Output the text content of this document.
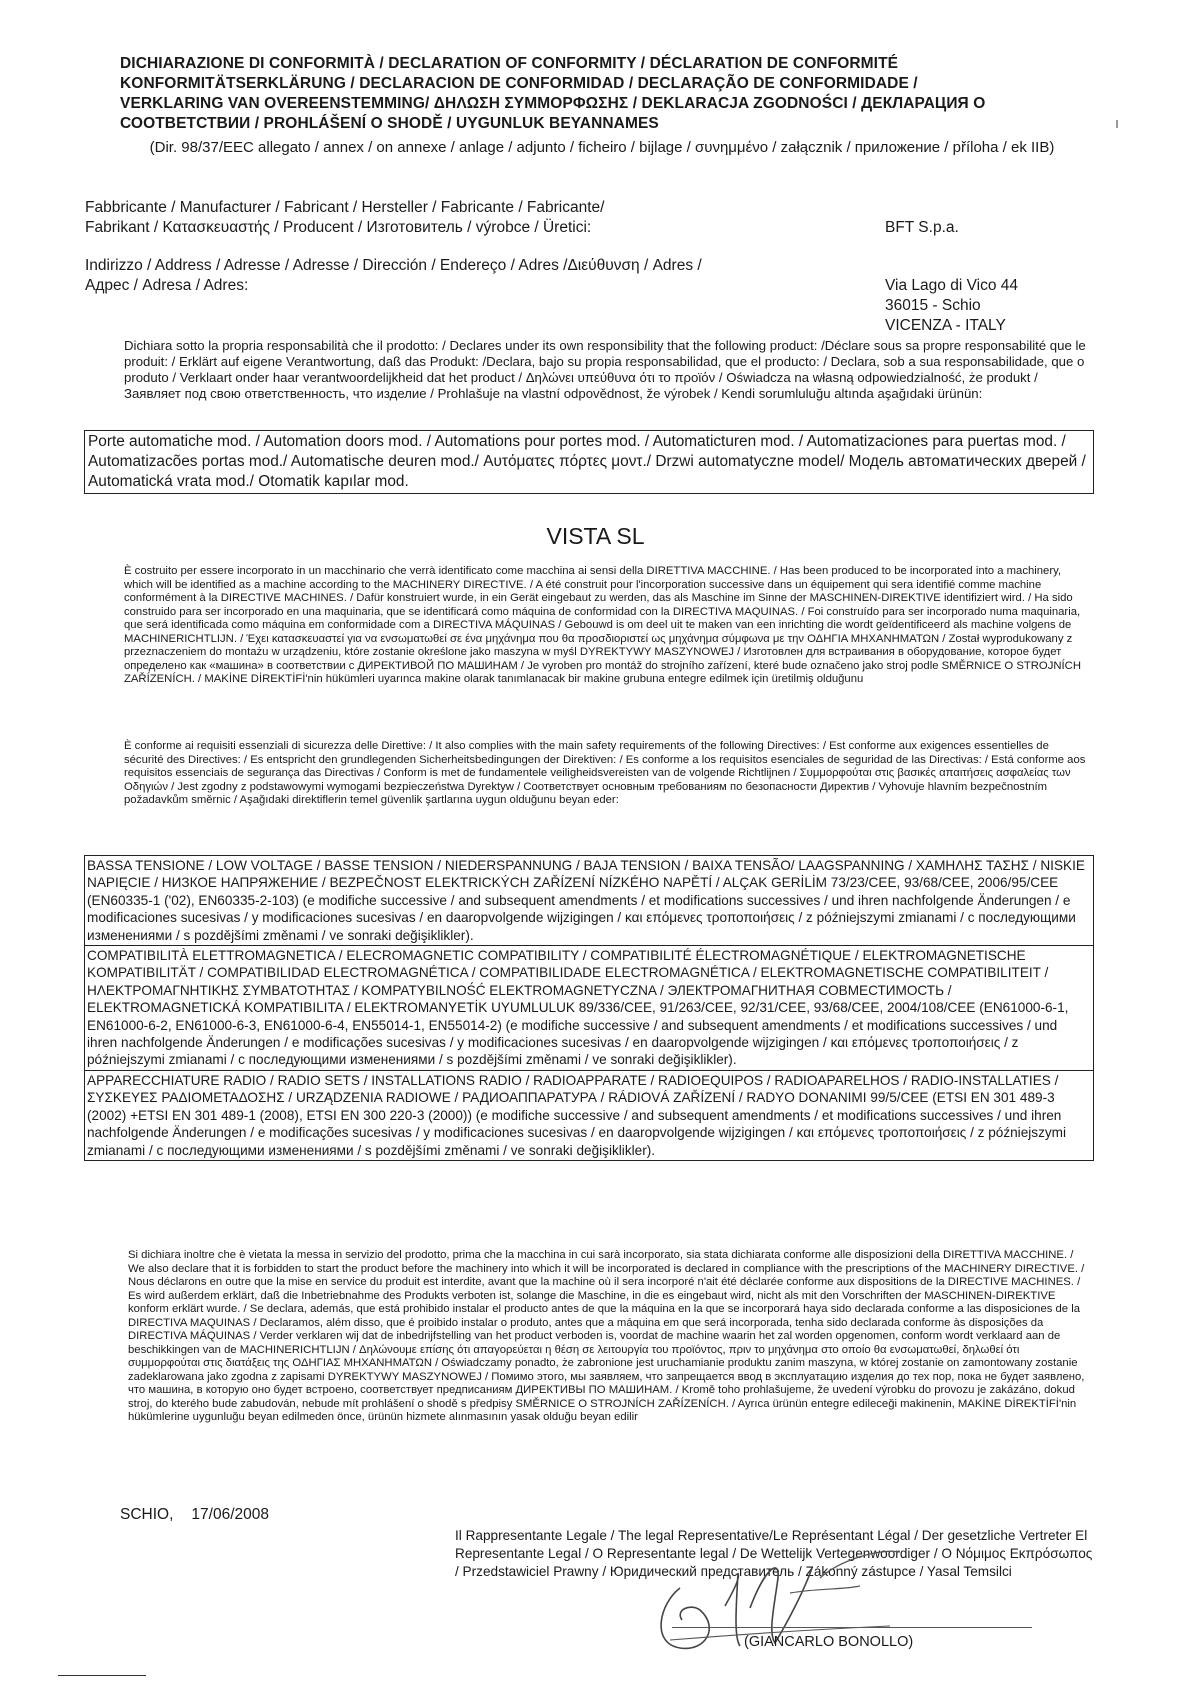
DICHIARAZIONE DI CONFORMITÀ / DECLARATION OF CONFORMITY / DÉCLARATION DE CONFORMITÉ
KONFORMITÄTSERKLÄRUNG / DECLARACION DE CONFORMIDAD / DECLARAÇÃO DE CONFORMIDADE /
VERKLARING VAN OVEREENSTEMMING/ ΔΗΛΩΣΗ ΣΥΜΜΟΡΦΩΣΗΣ / DEKLARACJA ZGODNOŚCI / ДЕКЛАРАЦИЯ О
СООТВЕТСТВИИ / PROHLÁŠENÍ O SHODĚ / UYGUNLUK BEYANNAMES
(Dir. 98/37/EEC allegato / annex / on annexe / anlage / adjunto / ficheiro / bijlage / συνημμένο / załącznik / приложение / příloha / ek IIB)
Fabbricante / Manufacturer / Fabricant / Hersteller / Fabricante / Fabricante/
Fabrikant / Κατασκευαστής / Producent / Изготовитель / výrobce / Üretici:	BFT S.p.a.
Indirizzo / Address / Adresse / Adresse / Dirección / Endereço / Adres /Διεύθυνση / Adres /
Адрес / Adresa / Adres:	Via Lago di Vico 44
36015 - Schio
VICENZA - ITALY
Dichiara sotto la propria responsabilità che il prodotto: / Declares under its own responsibility that the following product: /Déclare sous sa propre responsabilité que le produit: / Erklärt auf eigene Verantwortung, daß das Produkt: /Declara, bajo su propia responsabilidad, que el producto: / Declara, sob a sua responsabilidade, que o produto / Verklaart onder haar verantwoordelijkheid dat het product / Δηλώνει υπεύθυνα ότι το προϊόν / Oświadcza na własną odpowiedzialność, że produkt / Заявляет под свою ответственность, что изделие / Prohlašuje na vlastní odpovědnost, že výrobek / Kendi sorumluluğu altında aşağıdaki ürünün:
Porte automatiche mod. / Automation doors mod. / Automations pour portes mod. / Automaticturen mod. / Automatizaciones para puertas mod. / Automatizacões portas mod./ Automatische deuren mod./ Αυτόματες πόρτες μοντ./ Drzwi automatyczne model/ Модель автоматических дверей / Automatická vrata mod./ Otomatik kapılar mod.
VISTA SL
È costruito per essere incorporato in un macchinario che verrà identificato come macchina ai sensi della DIRETTIVA MACCHINE. / Has been produced to be incorporated into a machinery, which will be identified as a machine according to the MACHINERY DIRECTIVE. / A été construit pour l'incorporation successive dans un équipement qui sera identifié comme machine conformément à la DIRECTIVE MACHINES. / Dafür konstruiert wurde, in ein Gerät eingebaut zu werden, das als Maschine im Sinne der MASCHINEN-DIREKTIVE identifiziert wird. / Ha sido construido para ser incorporado en una maquinaria, que se identificará como máquina de conformidad con la DIRECTIVA MAQUINAS. / Foi construído para ser incorporado numa maquinaria, que será identificada como máquina em conformidade com a DIRECTIVA MÁQUINAS / Gebouwd is om deel uit te maken van een inrichting die wordt geïdentificeerd als machine volgens de MACHINERICHTLIJN. / Έχει κατασκευαστεί για να ενσωματωθεί σε ένα μηχάνημα που θα προσδιοριστεί ως μηχάνημα σύμφωνα με την ΟΔΗΓΙΑ ΜΗΧΑΝΗΜΑΤΩΝ / Został wyprodukowany z przeznaczeniem do montażu w urządzeniu, które zostanie określone jako maszyna w myśl DYREKTYWY MASZYNOWEJ / Изготовлен для встраивания в оборудование, которое будет определено как «машина» в соответствии с ДИРЕКТИВОЙ ПО МАШИНАМ / Je vyroben pro montáž do strojního zařízení, které bude označeno jako stroj podle SMĚRNICE O STROJNÍCH ZAŘÍZENÍCH. / MAKİNE DİREKTİFİ'nin hükümleri uyarınca makine olarak tanımlanacak bir makine grubuna entegre edilmek için üretilmiş olduğunu
È conforme ai requisiti essenziali di sicurezza delle Direttive: / It also complies with the main safety requirements of the following Directives: / Est conforme aux exigences essentielles de sécurité des Directives: / Es entspricht den grundlegenden Sicherheitsbedingungen der Direktiven: / Es conforme a los requisitos esenciales de seguridad de las Directivas: / Está conforme aos requisitos essenciais de segurança das Directivas / Conform is met de fundamentele veiligheidsvereisten van de volgende Richtlijnen / Συμμορφούται στις βασικές απαιτήσεις ασφαλείας των Οδηγιών / Jest zgodny z podstawowymi wymogami bezpieczeństwa Dyrektyw / Соответствует основным требованиям по безопасности Директив / Vyhovuje hlavním bezpečnostním požadavkům směrnic / Aşağıdaki direktiflerin temel güvenlik şartlarına uygun olduğunu beyan eder:
BASSA TENSIONE / LOW VOLTAGE / BASSE TENSION / NIEDERSPANNUNG / BAJA TENSION / BAIXA TENSÃO/ LAAGSPANNING / ΧΑΜΗΛΗΣ ΤΑΣΗΣ / NISKIE NAPIĘCIE / НИЗКОЕ НАПРЯЖЕНИЕ / BEZPEČNOST ELEKTRICKÝCH ZAŘÍZENÍ NÍZKÉHO NAPĚTÍ / ALÇAK GERİLİM 73/23/CEE, 93/68/CEE, 2006/95/CEE (EN60335-1 ('02), EN60335-2-103) (e modifiche successive / and subsequent amendments / et modifications successives / und ihren nachfolgende Änderungen / e modificaciones sucesivas / y modificaciones sucesivas / en daaropvolgende wijzigingen / και επόμενες τροποποιήσεις / z późniejszymi zmianami / с последующими изменениями / s pozdějšími změnami / ve sonraki değişiklikler).
COMPATIBILITÀ ELETTROMAGNETICA / ELECROMAGNETIC COMPATIBILITY / COMPATIBILITÉ ÉLECTROMAGNÉTIQUE / ELEKTROMAGNETISCHE KOMPATIBILITÄT / COMPATIBILIDAD ELECTROMAGNÉTICA / COMPATIBILIDADE ELECTROMAGNÉTICA / ELEKTROMAGNETISCHE COMPATIBILITEIT / ΗΛΕΚΤΡΟΜΑΓΝΗΤΙΚΗΣ ΣΥΜΒΑΤΟΤΗΤΑΣ / KOMPATYBILNOŚĆ ELEKTROMAGNETYCZNA / ЭЛЕКТРОМАГНИТНАЯ СОВМЕСТИМОСТЬ / ELEKTROMAGNETICKÁ KOMPATIBILITA / ELEKTROMANYETİK UYUMLULUK 89/336/CEE, 91/263/CEE, 92/31/CEE, 93/68/CEE, 2004/108/CEE (EN61000-6-1, EN61000-6-2, EN61000-6-3, EN61000-6-4, EN55014-1, EN55014-2) (e modifiche successive / and subsequent amendments / et modifications successives / und ihren nachfolgende Änderungen / e modificações sucesivas / y modificaciones sucesivas / en daaropvolgende wijzigingen / και επόμενες τροποποιήσεις / z późniejszymi zmianami / с последующими изменениями / s pozdějšími změnami / ve sonraki değişiklikler).
APPARECCHIATURE RADIO / RADIO SETS / INSTALLATIONS RADIO / RADIOAPPARATE / RADIOEQUIPOS / RADIOAPARELHOS / RADIO-INSTALLATIES / ΣΥΣΚΕΥΕΣ ΡΑΔΙΟΜΕΤΑΔΟΣΗΣ / URZĄDZENIA RADIOWE / РАДИОАППАРАТУРА / RÁDIOVÁ ZAŘÍZENÍ / RADYO DONANIMI 99/5/CEE (ETSI EN 301 489-3 (2002) +ETSI EN 301 489-1 (2008), ETSI EN 300 220-3 (2000)) (e modifiche successive / and subsequent amendments / et modifications successives / und ihren nachfolgende Änderungen / e modificações sucesivas / y modificaciones sucesivas / en daaropvolgende wijzigingen / και επόμενες τροποποιήσεις / z późniejszymi zmianami / с последующими изменениями / s pozdějšími změnami / ve sonraki değişiklikler).
Si dichiara inoltre che è vietata la messa in servizio del prodotto, prima che la macchina in cui sarà incorporato, sia stata dichiarata conforme alle disposizioni della DIRETTIVA MACCHINE. / We also declare that it is forbidden to start the product before the machinery into which it will be incorporated is declared in compliance with the prescriptions of the MACHINERY DIRECTIVE. / Nous déclarons en outre que la mise en service du produit est interdite, avant que la machine où il sera incorporé n'ait été déclarée conforme aux dispositions de la DIRECTIVE MACHINES. / Es wird außerdem erklärt, daß die Inbetriebnahme des Produkts verboten ist, solange die Maschine, in die es eingebaut wird, nicht als mit den Vorschriften der MASCHINEN-DIREKTIVE konform erklärt wurde. / Se declara, además, que está prohibido instalar el producto antes de que la máquina en la que se incorporará haya sido declarada conforme a las disposiciones de la DIRECTIVA MAQUINAS / Declaramos, além disso, que é proibido instalar o produto, antes que a máquina em que será incorporada, tenha sido declarada conforme às disposições da DIRECTIVA MÁQUINAS / Verder verklaren wij dat de inbedrijfstelling van het product verboden is, voordat de machine waarin het zal worden opgenomen, conform wordt verklaard aan de beschikkingen van de MACHINERICHTLIJN / Δηλώνουμε επίσης ότι απαγορεύεται η θέση σε λειτουργία του προϊόντος, πριν το μηχάνημα στο οποίο θα ενσωματωθεί, δηλωθεί ότι συμμορφούται στις διατάξεις της ΟΔΗΓΙΑΣ ΜΗΧΑΝΗΜΑΤΩΝ / Oświadczamy ponadto, że zabronione jest uruchamianie produktu zanim maszyna, w której zostanie on zamontowany zostanie zadeklarowana jako zgodna z zapisami DYREKTYWY MASZYNOWEJ / Помимо этого, мы заявляем, что запрещается ввод в эксплуатацию изделия до тех пор, пока не будет заявлено, что машина, в которую оно будет встроено, соответствует предписаниям ДИРЕКТИВЫ ПО МАШИНАМ. / Kromě toho prohlašujeme, že uvedení výrobku do provozu je zakázáno, dokud stroj, do kterého bude zabudován, nebude mít prohlášení o shodě s předpisy SMĚRNICE O STROJNÍCH ZAŘÍZENÍCH. / Ayrıca ürünün entegre edileceği makinenin, MAKİNE DİREKTİFİ'nin hükümlerine uygunluğu beyan edilmeden önce, ürünün hizmete alınmasının yasak olduğu beyan edilir
SCHIO, 17/06/2008
Il Rappresentante Legale / The legal Representative/Le Représentant Légal / Der gesetzliche Vertreter El Representante Legal / O Representante legal / De Wettelijk Vertegenwoordiger / O Νόμιμος Εκπρόσωπος / Przedstawiciel Prawny / Юридический представитель / Zákonný zástupce / Yasal Temsilci
(GIANCARLO BONOLLO)
